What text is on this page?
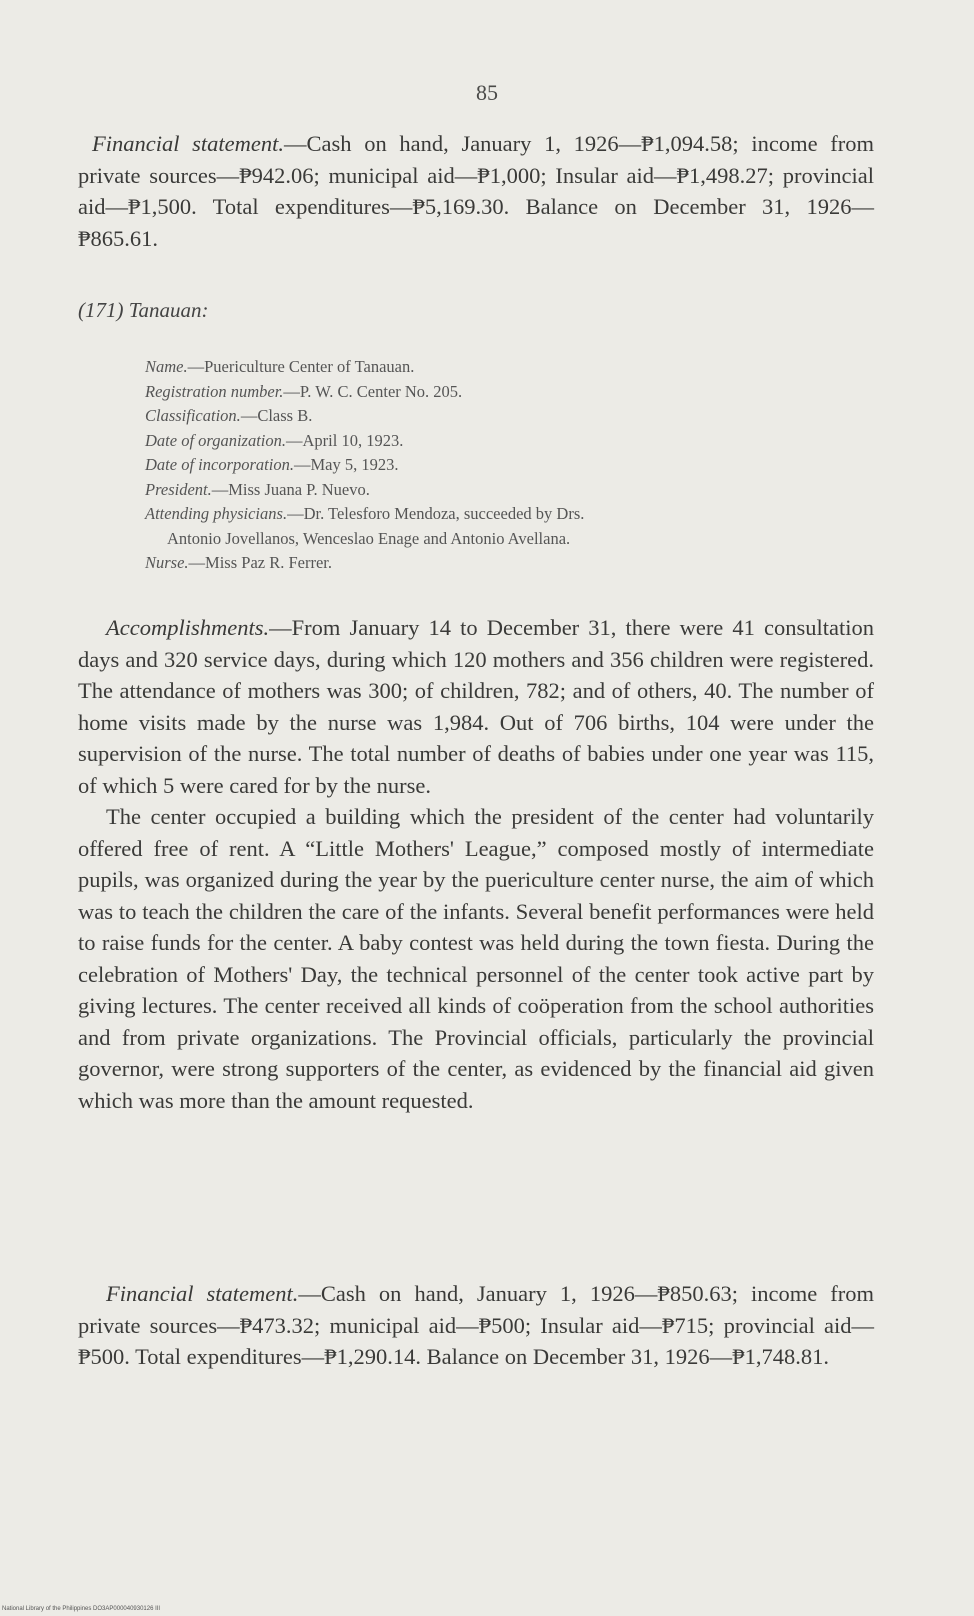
85

Financial statement.—Cash on hand, January 1, 1926—₱1,094.58; income from private sources—₱942.06; municipal aid—₱1,000; Insular aid—₱1,498.27; provincial aid—₱1,500. Total expenditures—₱5,169.30. Balance on December 31, 1926—₱865.61.

(171) Tanauan:

Name.—Puericulture Center of Tanauan.

Registration number.—P. W. C. Center No. 205.

Classification.—Class B.

Date of organization.—April 10, 1923.

Date of incorporation.—May 5, 1923.

President.—Miss Juana P. Nuevo.

Attending physicians.—Dr. Telesforo Mendoza, succeeded by Drs.

Antonio Jovellanos, Wenceslao Enage and Antonio Avellana.

Nurse.—Miss Paz R. Ferrer.

Accomplishments.—From January 14 to December 31, there were 41 consultation days and 320 service days, during which 120 mothers and 356 children were registered. The attendance of mothers was 300; of children, 782; and of others, 40. The number of home visits made by the nurse was 1,984. Out of 706 births, 104 were under the supervision of the nurse. The total number of deaths of babies under one year was 115, of which 5 were cared for by the nurse.

The center occupied a building which the president of the center had voluntarily offered free of rent. A “Little Mothers' League,” composed mostly of intermediate pupils, was organized during the year by the puericulture center nurse, the aim of which was to teach the children the care of the infants. Several benefit performances were held to raise funds for the center. A baby contest was held during the town fiesta. During the celebration of Mothers' Day, the technical personnel of the center took active part by giving lectures. The center received all kinds of coöperation from the school authorities and from private organizations. The Provincial officials, particularly the provincial governor, were strong supporters of the center, as evidenced by the financial aid given which was more than the amount requested.

Financial statement.—Cash on hand, January 1, 1926—₱850.63; income from private sources—₱473.32; municipal aid—₱500; Insular aid—₱715; provincial aid—₱500. Total expenditures—₱1,290.14. Balance on December 31, 1926—₱1,748.81.

National Library of the Philippines DO3AP000040930126 III
